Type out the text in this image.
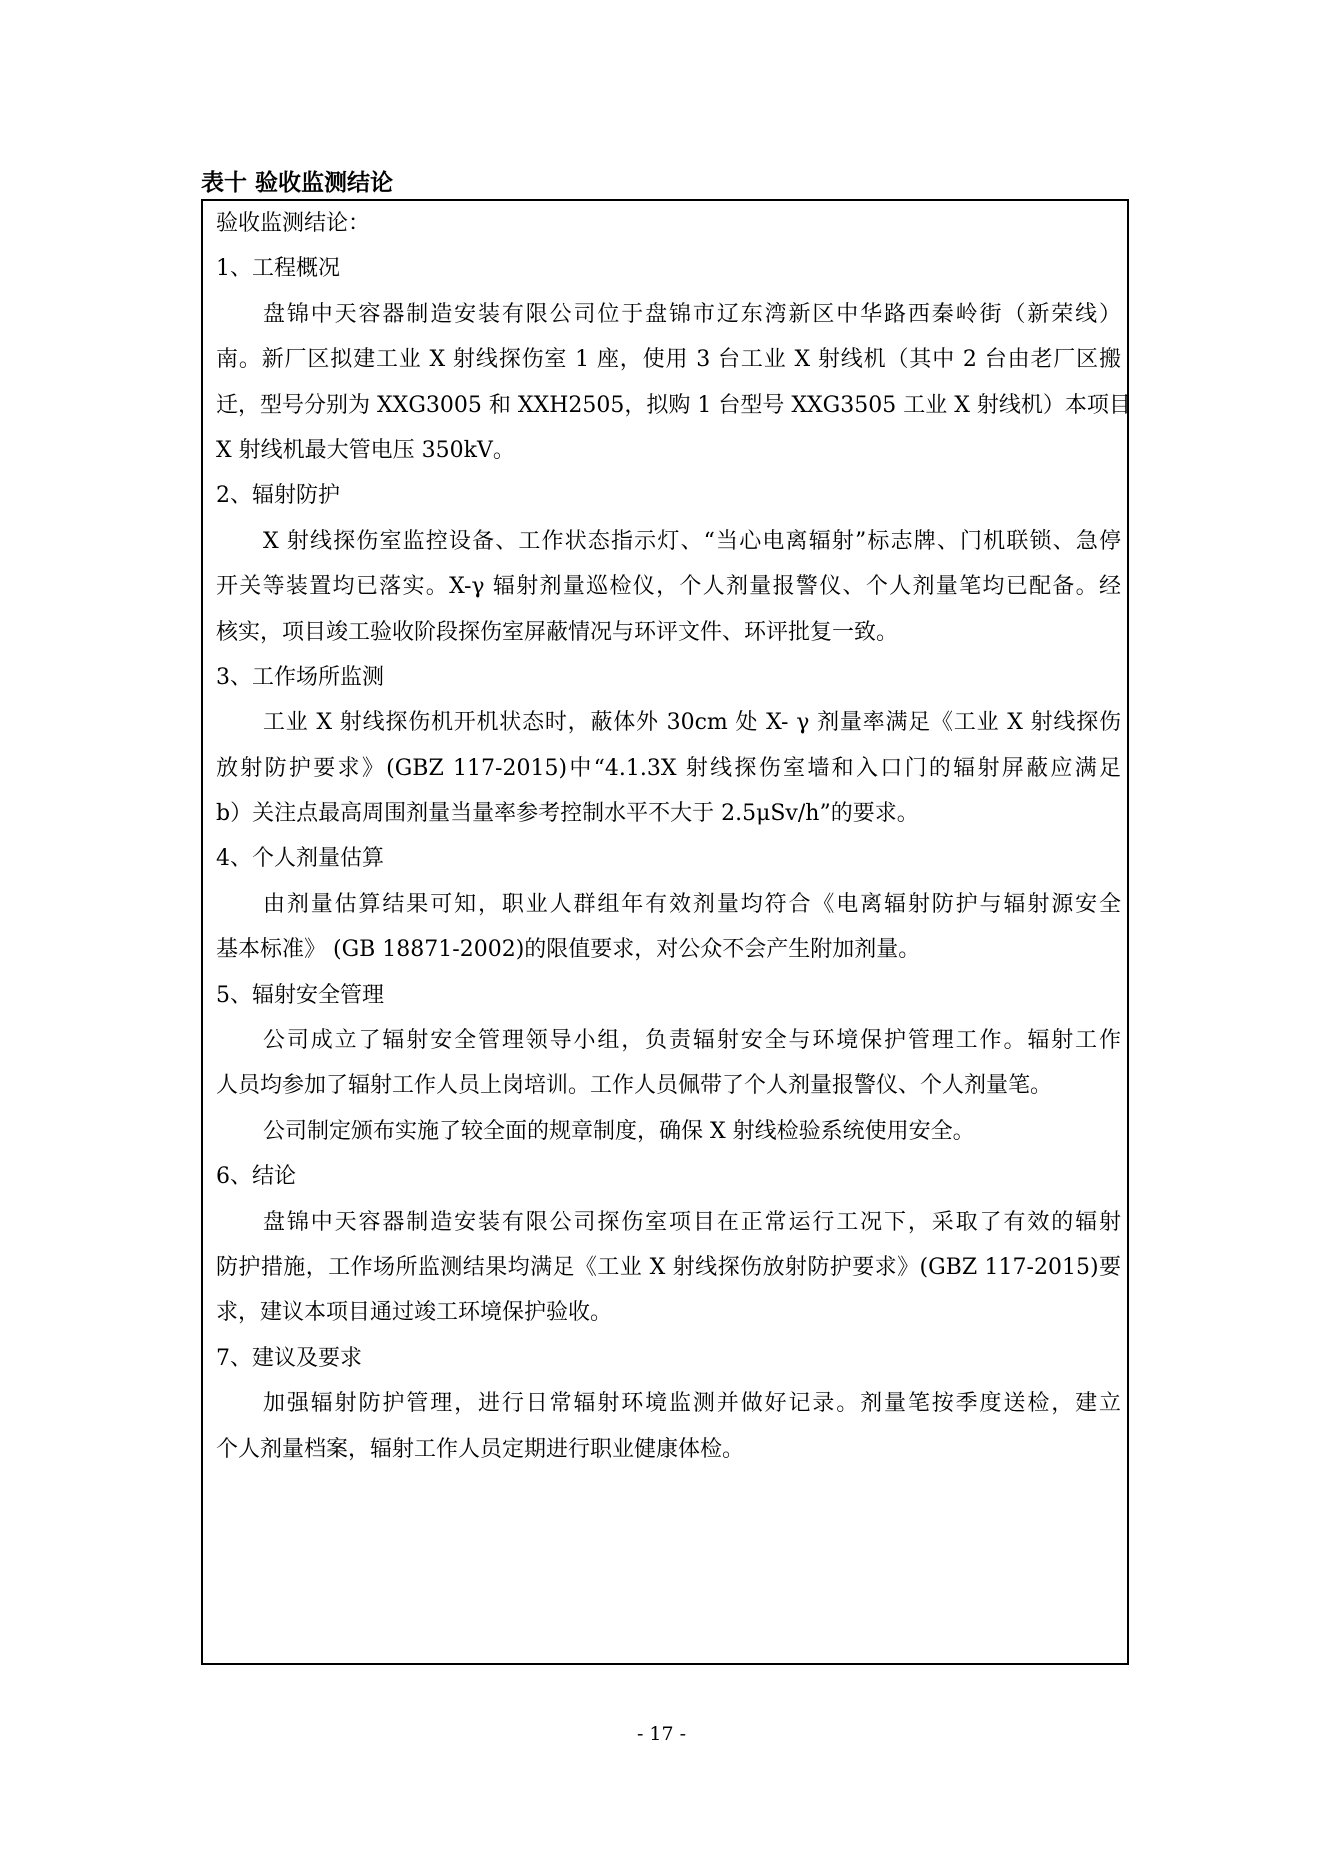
表十 验收监测结论
验收监测结论：
1、工程概况
盘锦中天容器制造安装有限公司位于盘锦市辽东湾新区中华路西秦岭街（新荣线）
南。新厂区拟建工业 X 射线探伤室 1 座，使用 3 台工业 X 射线机（其中 2 台由老厂区搬
迁，型号分别为 XXG3005 和 XXH2505，拟购 1 台型号 XXG3505 工业 X 射线机）本项目
X 射线机最大管电压 350kV。
2、辐射防护
X 射线探伤室监控设备、工作状态指示灯、“当心电离辐射”标志牌、门机联锁、急停
开关等装置均已落实。X-γ 辐射剂量巡检仪，个人剂量报警仪、个人剂量笔均已配备。经
核实，项目竣工验收阶段探伤室屏蔽情况与环评文件、环评批复一致。
3、工作场所监测
工业 X 射线探伤机开机状态时，蔽体外 30cm 处 X- γ 剂量率满足《工业 X 射线探伤
放射防护要求》(GBZ 117-2015)中“4.1.3X 射线探伤室墙和入口门的辐射屏蔽应满足
b）关注点最高周围剂量当量率参考控制水平不大于 2.5μSv/h”的要求。
4、个人剂量估算
由剂量估算结果可知，职业人群组年有效剂量均符合《电离辐射防护与辐射源安全
基本标准》 (GB 18871-2002)的限值要求，对公众不会产生附加剂量。
5、辐射安全管理
公司成立了辐射安全管理领导小组，负责辐射安全与环境保护管理工作。辐射工作
人员均参加了辐射工作人员上岗培训。工作人员佩带了个人剂量报警仪、个人剂量笔。
公司制定颁布实施了较全面的规章制度，确保 X 射线检验系统使用安全。
6、结论
盘锦中天容器制造安装有限公司探伤室项目在正常运行工况下，采取了有效的辐射
防护措施，工作场所监测结果均满足《工业 X 射线探伤放射防护要求》(GBZ 117-2015)要
求，建议本项目通过竣工环境保护验收。
7、建议及要求
加强辐射防护管理，进行日常辐射环境监测并做好记录。剂量笔按季度送检，建立
个人剂量档案，辐射工作人员定期进行职业健康体检。
- 17 -
